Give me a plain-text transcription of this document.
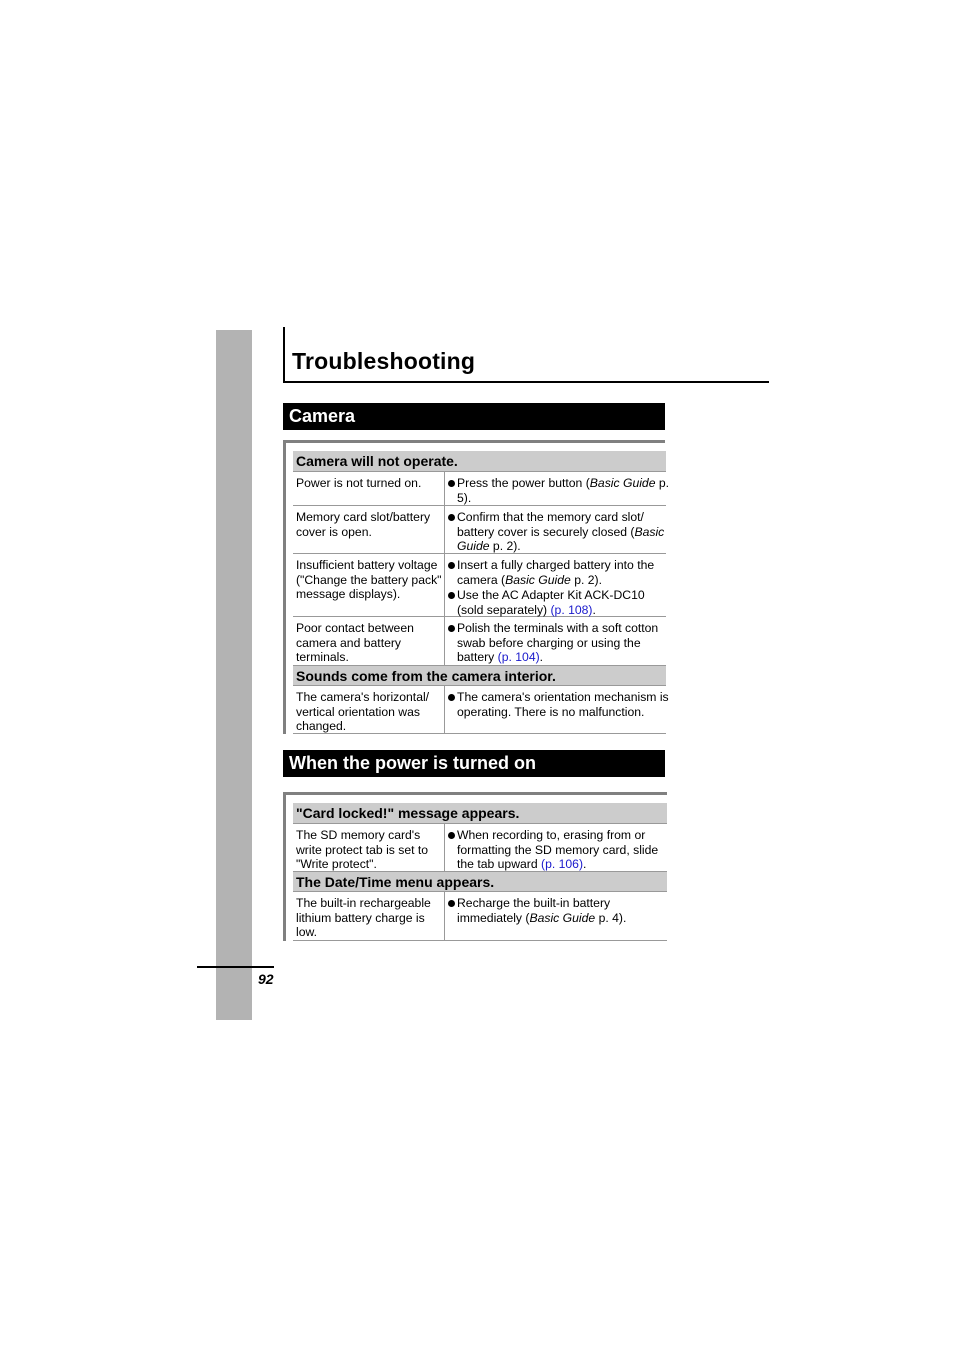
Troubleshooting
Camera
Camera will not operate.
Power is not turned on.	Press the power button (Basic Guide p. 5).
Memory card slot/battery cover is open.
Confirm that the memory card slot/ battery cover is securely closed (Basic Guide p. 2).
Insufficient battery voltage ("Change the battery pack" message displays).
Insert a fully charged battery into the camera (Basic Guide p. 2).
Use the AC Adapter Kit ACK-DC10 (sold separately) (p. 108).
Poor contact between camera and battery terminals.
Polish the terminals with a soft cotton swab before charging or using the battery (p. 104).
Sounds come from the camera interior.
The camera's horizontal/ vertical orientation was changed.
The camera's orientation mechanism is operating. There is no malfunction.
When the power is turned on
"Card locked!" message appears.
The SD memory card's write protect tab is set to "Write protect".
When recording to, erasing from or formatting the SD memory card, slide the tab upward (p. 106).
The Date/Time menu appears.
The built-in rechargeable lithium battery charge is low.
Recharge the built-in battery immediately (Basic Guide p. 4).
92
